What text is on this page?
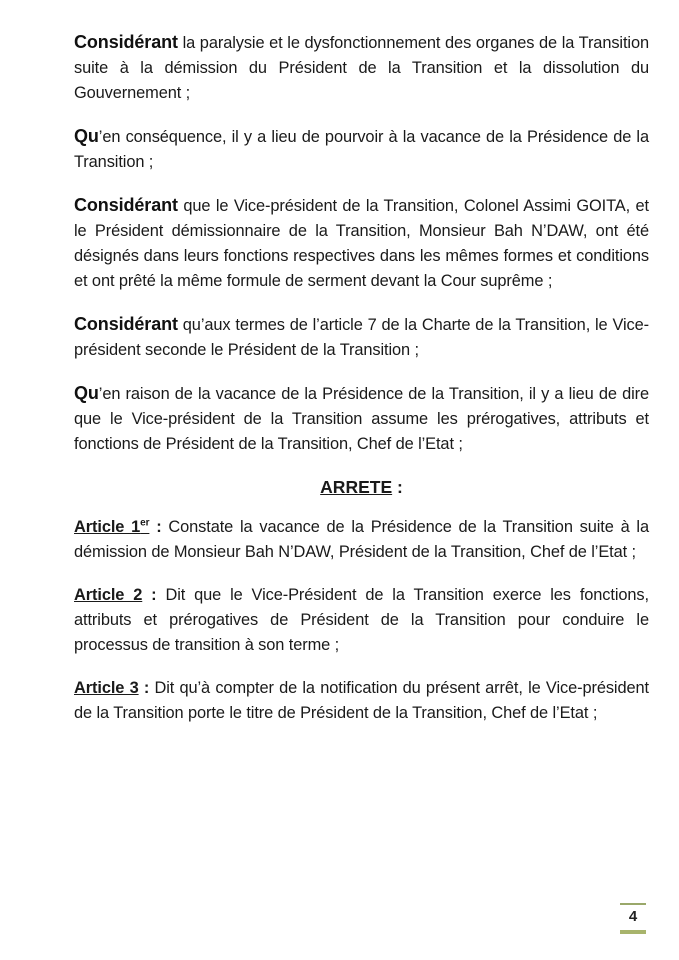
Considérant la paralysie et le dysfonctionnement des organes de la Transition suite à la démission du Président de la Transition et la dissolution du Gouvernement ;

Qu’en conséquence, il y a lieu de pourvoir à la vacance de la Présidence de la Transition ;

Considérant que le Vice-président de la Transition, Colonel Assimi GOITA, et le Président démissionnaire de la Transition, Monsieur Bah N’DAW, ont été désignés dans leurs fonctions respectives dans les mêmes formes et conditions et ont prêté la même formule de serment devant la Cour suprême ;

Considérant qu’aux termes de l’article 7 de la Charte de la Transition, le Vice-président seconde le Président de la Transition ;

Qu’en raison de la vacance de la Présidence de la Transition, il y a lieu de dire que le Vice-président de la Transition assume les prérogatives, attributs et fonctions de Président de la Transition, Chef de l’Etat ;

ARRETE :

Article 1er : Constate la vacance de la Présidence de la Transition suite à la démission de Monsieur Bah N’DAW, Président de la Transition, Chef de l’Etat ;

Article 2 : Dit que le Vice-Président de la Transition exerce les fonctions, attributs et prérogatives de Président de la Transition pour conduire le processus de transition à son terme ;

Article 3 : Dit qu’à compter de la notification du présent arrêt, le Vice-président de la Transition porte le titre de Président de la Transition, Chef de l’Etat ;

4
